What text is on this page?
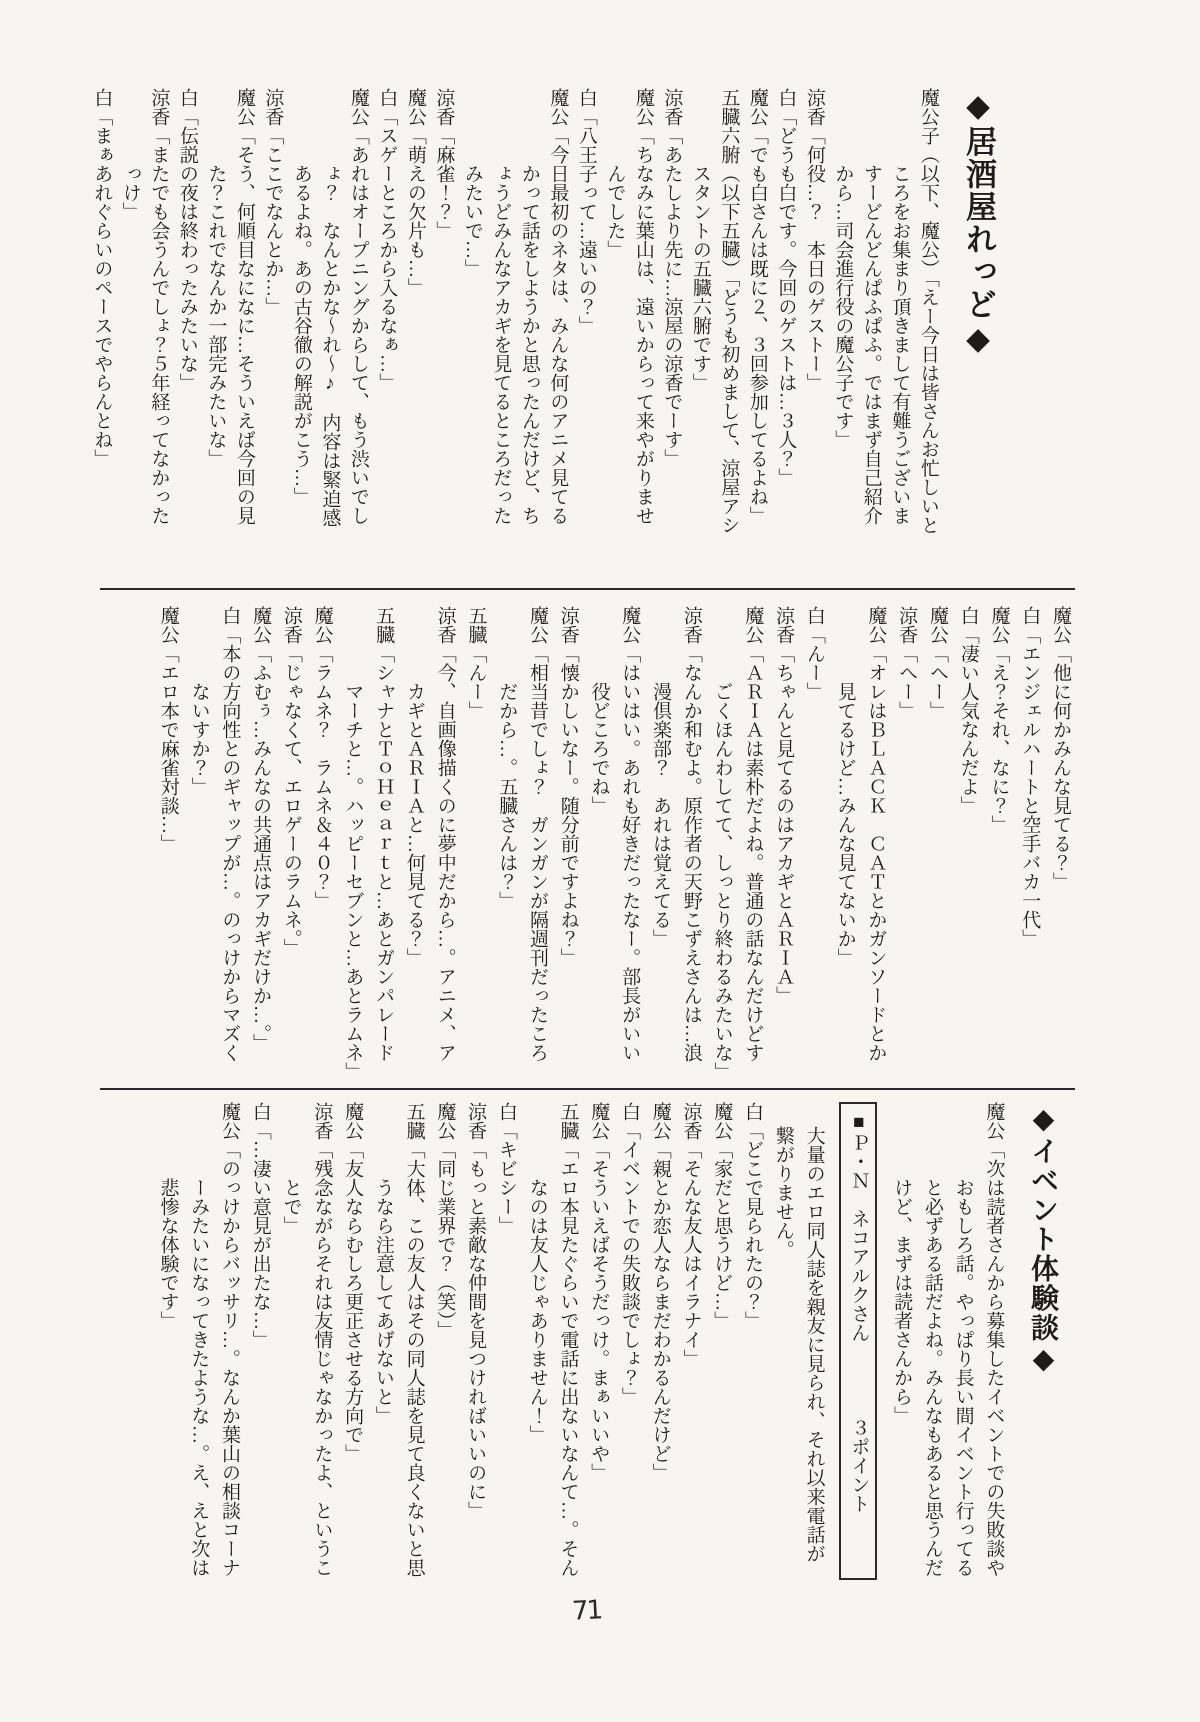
◆居酒屋れっど◆

魔公子（以下、魔公）「えー今日は皆さんお忙しいところをお集まり頂きまして有難うございますーどんどんぱふぱふ。ではまず自己紹介から…司会進行役の魔公子です」

涼香「何役…？　本日のゲストー」

白「どうも白です。今回のゲストは…３人？」

魔公「でも白さんは既に２、３回参加してるよね」

五臓六腑（以下五臓）「どうも初めまして、涼屋アシスタントの五臓六腑です」

涼香「あたしより先に…涼屋の涼香でーす」

魔公「ちなみに葉山は、遠いからって来やがりませんでした」

白「八王子って…遠いの？」

魔公「今日最初のネタは、みんな何のアニメ見てるかって話をしようかと思ったんだけど、ちょうどみんなアカギを見てるところだったみたいで…」

涼香「麻雀！？」

魔公「萌えの欠片も…」

白「スゲーところから入るなぁ…」

魔公「あれはオープニングからして、もう渋いでしょ？　なんとかな～れ～♪　内容は緊迫感あるよね。あの古谷徹の解説がこう…」

涼香「ここでなんとか…」

魔公「そう、何順目なになに…そういえば今回の見た？これでなんか一部完みたいな」

白「伝説の夜は終わったみたいな」

涼香「またでも会うんでしょ？５年経ってなかったっけ」

白「まぁあれぐらいのペースでやらんとね」

魔公「他に何かみんな見てる？」

白「エンジェルハートと空手バカ一代」

魔公「え？それ、なに？」

白「凄い人気なんだよ」

魔公「へー」

涼香「へー」

魔公「オレはＢＬＡＣＫ　ＣＡＴとかガンソードとか見てるけど…みんな見てないか」

白「んー」

涼香「ちゃんと見てるのはアカギとＡＲＩＡ」

魔公「ＡＲＩＡは素朴だよね。普通の話なんだけどすごくほんわしてて、しっとり終わるみたいな」

涼香「なんか和むよ。原作者の天野こずえさんは…浪漫倶楽部？　あれは覚えてる」

魔公「はいはい。あれも好きだったなー。部長がいい役どころでね」

涼香「懐かしいなー。随分前ですよね？」

魔公「相当昔でしょ？　ガンガンが隔週刊だったころだから…。五臓さんは？」

五臓「んー」

涼香「今、自画像描くのに夢中だから…。アニメ、アカギとＡＲＩＡと…何見てる？」

五臓「シャナとＴｏＨｅａｒｔと…あとガンパレードマーチと…。ハッピーセブンと…あとラムネ」

魔公「ラムネ？　ラムネ＆４０？」

涼香「じゃなくて、エロゲーのラムネ。」

魔公「ふむぅ…みんなの共通点はアカギだけか…。」

白「本の方向性とのギャップが…。のっけからマズくないすか？」

魔公「エロ本で麻雀対談…」

◆イベント体験談◆

魔公「次は読者さんから募集したイベントでの失敗談やおもしろ話。やっぱり長い間イベント行ってると必ずある話だよね。みんなもあると思うんだけど、まずは読者さんから」

■Ｐ・Ｎ　ネコアルクさん　　　　３ポイント

大量のエロ同人誌を親友に見られ、それ以来電話が繋がりません。

白「どこで見られたの？」

魔公「家だと思うけど…」

涼香「そんな友人はイラナイ」

魔公「親とか恋人ならまだわかるんだけど」

白「イベントでの失敗談でしょ？」

魔公「そういえばそうだっけ。まぁいいや」

五臓「エロ本見たぐらいで電話に出ないなんて…。そんなのは友人じゃありません！」

白「キビシー」

涼香「もっと素敵な仲間を見つければいいのに」

魔公「同じ業界で？（笑）」

五臓「大体、この友人はその同人誌を見て良くないと思うなら注意してあげないと」

魔公「友人ならむしろ更正させる方向で」

涼香「残念ながらそれは友情じゃなかったよ、ということで」

白「…凄い意見が出たな…」

魔公「のっけからバッサリ…。なんか葉山の相談コーナーみたいになってきたような…。え、えと次は悲惨な体験です」

71
